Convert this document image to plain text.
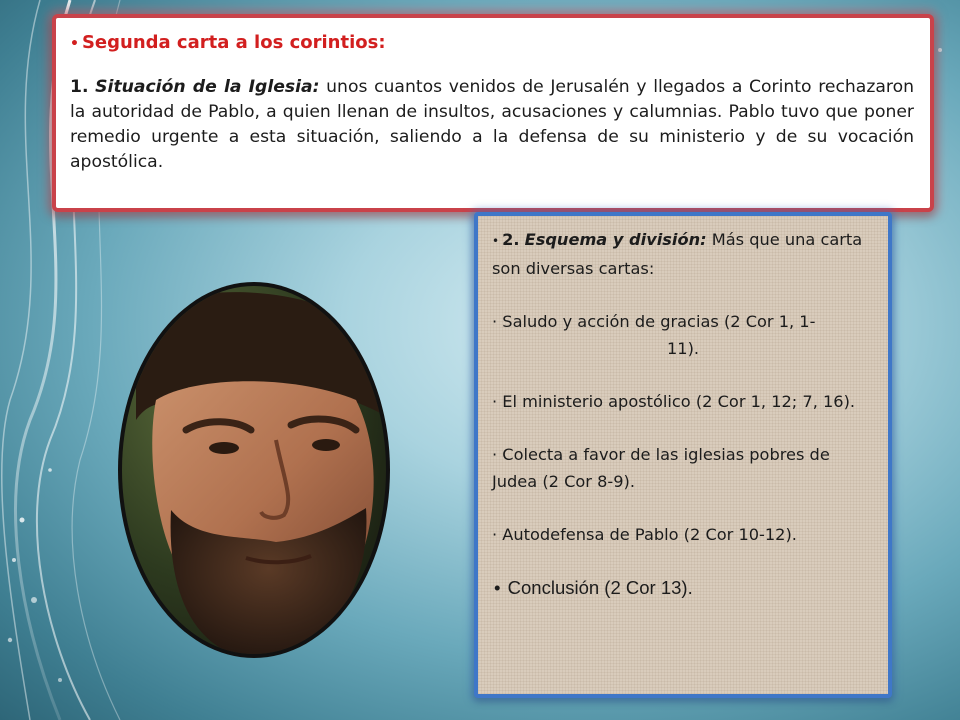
• Segunda carta a los corintios:

1. Situación de la Iglesia: unos cuantos venidos de Jerusalén y llegados a Corinto rechazaron la autoridad de Pablo, a quien llenan de insultos, acusaciones y calumnias. Pablo tuvo que poner remedio urgente a esta situación, saliendo a la defensa de su ministerio y de su vocación apostólica.

• 2. Esquema y división: Más que una carta son diversas cartas:

· Saludo y acción de gracias (2 Cor 1, 1-

11).

· El ministerio apostólico (2 Cor 1, 12; 7, 16).

· Colecta a favor de las iglesias pobres de Judea (2 Cor 8-9).

· Autodefensa de Pablo (2 Cor 10-12).

• Conclusión (2 Cor 13).
